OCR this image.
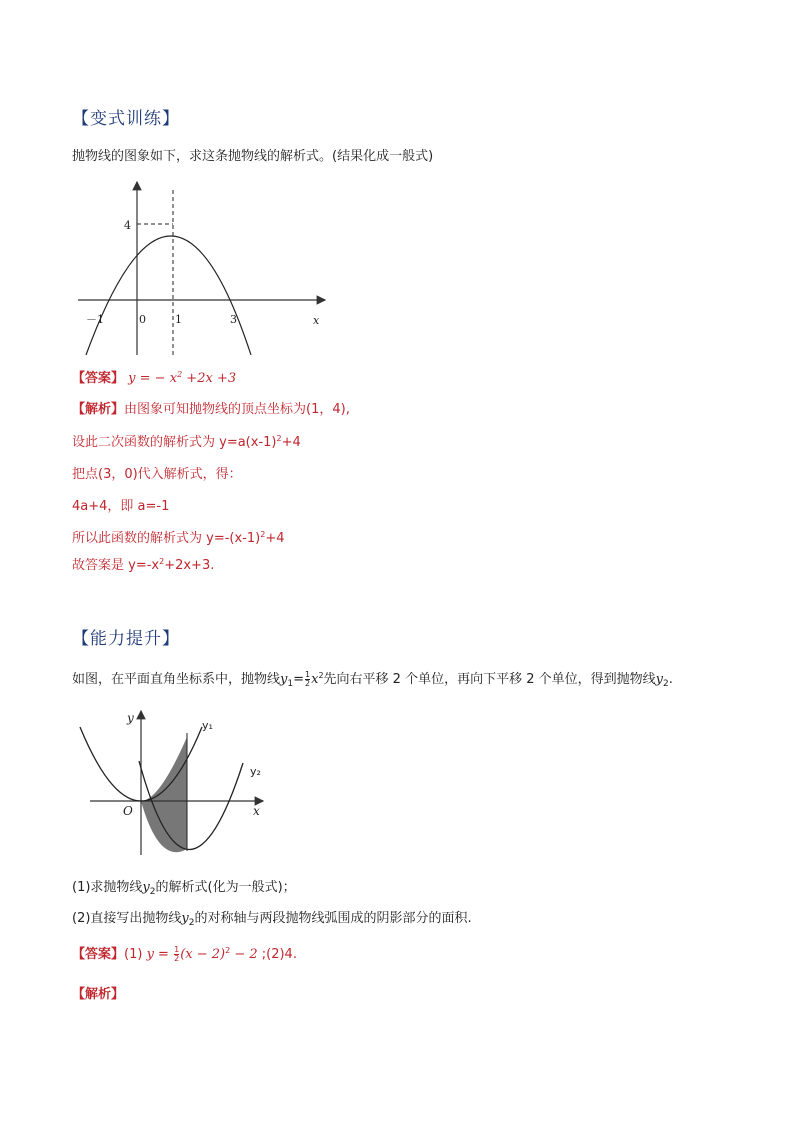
【变式训练】
抛物线的图象如下，求这条抛物线的解析式。(结果化成一般式)
4
－1	0	1	3	x
【答案】 y = − $x^2 +2x +3$
【解析】由图象可知抛物线的顶点坐标为(1，4),
设此二次函数的解析式为 $y=a(x-1)^2+4$
把点(3，0)代入解析式，得：
4a+4，即 a=-1
所以此函数的解析式为 $y=-(x-1)^2+4$
故答案是 $y=-x^2+2x+3$.
【能力提升】
如图，在平面直角坐标系中，抛物线$y_1= \frac{1}{2} x^2$先向右平移 2 个单位，再向下平移 2 个单位，得到抛物线$y_2$.
y
x
O
y₁
y₂
(1)求抛物线$y_2$的解析式(化为一般式)；
(2)直接写出抛物线$y_2$的对称轴与两段抛物线弧围成的阴影部分的面积.
【答案】(1) $y = \frac{1}{2} (x - 2)^2 - 2$ ;(2)4.
【解析】
